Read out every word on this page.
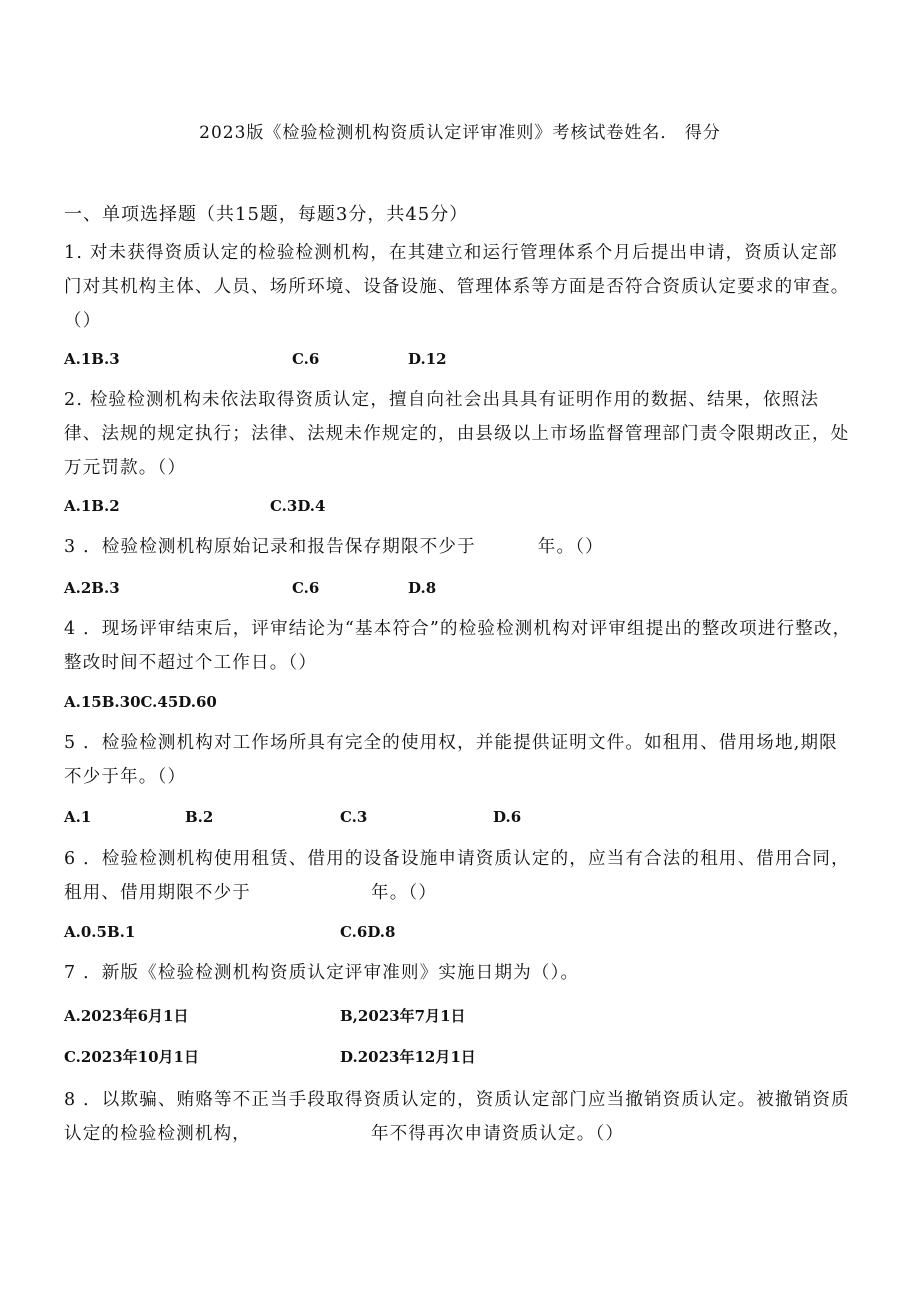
2023版《检验检测机构资质认定评审准则》考核试卷姓名． 得分
一、单项选择题（共15题，每题3分，共45分）
1. 对未获得资质认定的检验检测机构，在其建立和运行管理体系个月后提出申请，资质认定部门对其机构主体、人员、场所环境、设备设施、管理体系等方面是否符合资质认定要求的审查。（）
A.1B.3	C.6	D.12
2. 检验检测机构未依法取得资质认定，擅自向社会出具具有证明作用的数据、结果，依照法律、法规的规定执行；法律、法规未作规定的，由县级以上市场监督管理部门责令限期改正，处万元罚款。（）
A.1B.2	C.3D.4
3 ．检验检测机构原始记录和报告保存期限不少于	年。（）
A.2B.3	C.6	D.8
4 ．现场评审结束后，评审结论为“基本符合”的检验检测机构对评审组提出的整改项进行整改，整改时间不超过个工作日。（）
A.15B.30C.45D.60
5 ．检验检测机构对工作场所具有完全的使用权，并能提供证明文件。如租用、借用场地,期限不少于年。（）
A.1	B.2	C.3	D.6
6 ．检验检测机构使用租赁、借用的设备设施申请资质认定的，应当有合法的租用、借用合同，租用、借用期限不少于	年。（）
A.0.5B.1	C.6D.8
7 ．新版《检验检测机构资质认定评审准则》实施日期为（）。
A.2023年6月1日	B,2023年7月1日
C.2023年10月1日	D.2023年12月1日
8 ．以欺骗、贿赂等不正当手段取得资质认定的，资质认定部门应当撤销资质认定。被撤销资质认定的检验检测机构，	年不得再次申请资质认定。（）
